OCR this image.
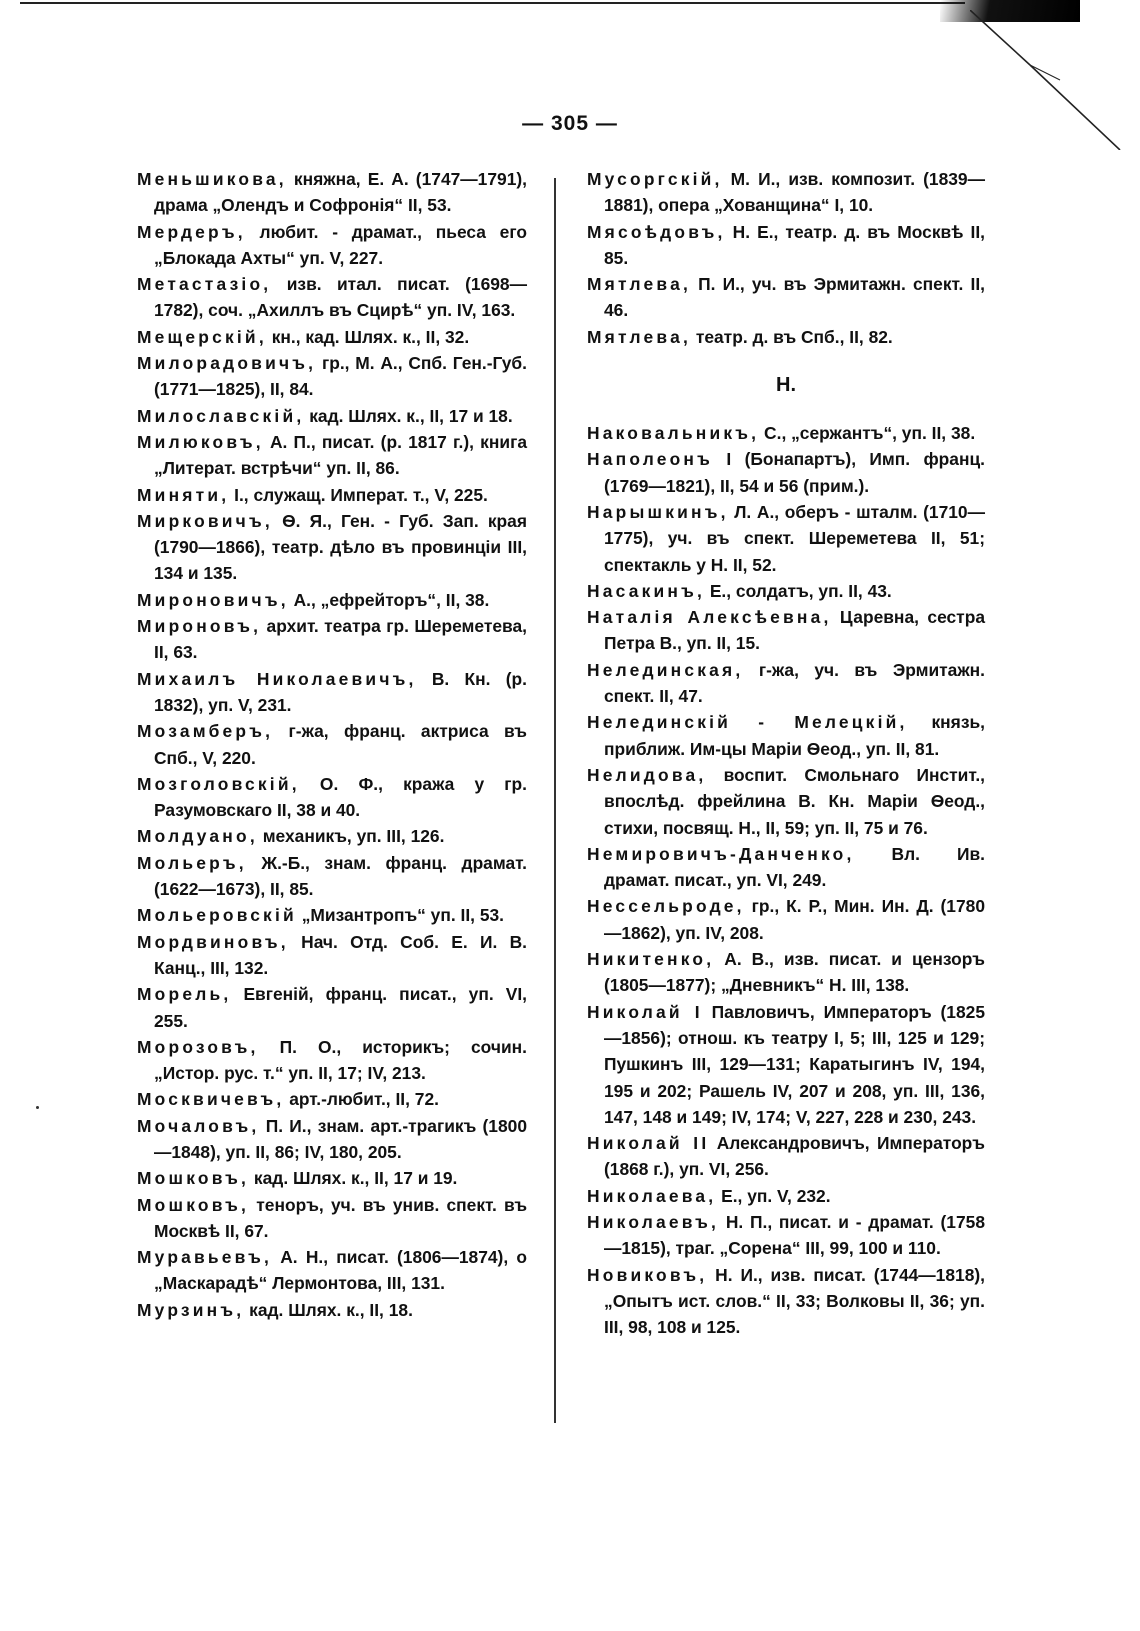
— 305 —
Меньшикова, княжна, Е. А. (1747—1791), драма „Олендъ и Софронія“ II, 53.
Мердеръ, любит. - драмат., пьеса его „Блокада Ахты“ уп. V, 227.
Метастазіо, изв. итал. писат. (1698—1782), соч. „Ахиллъ въ Сцирѣ“ уп. IV, 163.
Мещерскій, кн., кад. Шлях. к., II, 32.
Милорадовичъ, гр., М. А., Спб. Ген.-Губ. (1771—1825), II, 84.
Милославскій, кад. Шлях. к., II, 17 и 18.
Милюковъ, А. П., писат. (р. 1817 г.), книга „Литерат. встрѣчи“ уп. II, 86.
Миняти, I., служащ. Императ. т., V, 225.
Мирковичъ, Ѳ. Я., Ген. - Губ. Зап. края (1790—1866), театр. дѣло въ провинціи III, 134 и 135.
Мироновичъ, А., „ефрейторъ“, II, 38.
Мироновъ, архит. театра гр. Шереметева, II, 63.
Михаилъ Николаевичъ, В. Кн. (р. 1832), уп. V, 231.
Мозамберъ, г-жа, франц. актриса въ Спб., V, 220.
Мозголовскій, О. Ф., кража у гр. Разумовскаго II, 38 и 40.
Молдуано, механикъ, уп. III, 126.
Мольеръ, Ж.-Б., знам. франц. драмат. (1622—1673), II, 85.
Мольеровскій „Мизантропъ“ уп. II, 53.
Мордвиновъ, Нач. Отд. Соб. Е. И. В. Канц., III, 132.
Морель, Евгеній, франц. писат., уп. VI, 255.
Морозовъ, П. О., историкъ; сочин. „Истор. рус. т.“ уп. II, 17; IV, 213.
Москвичевъ, арт.-любит., II, 72.
Мочаловъ, П. И., знам. арт.-трагикъ (1800—1848), уп. II, 86; IV, 180, 205.
Мошковъ, кад. Шлях. к., II, 17 и 19.
Мошковъ, теноръ, уч. въ унив. спект. въ Москвѣ II, 67.
Муравьевъ, А. Н., писат. (1806—1874), о „Маскарадѣ“ Лермонтова, III, 131.
Мурзинъ, кад. Шлях. к., II, 18.
Мусоргскій, М. И., изв. композит. (1839—1881), опера „Хованщина“ I, 10.
Мясоѣдовъ, Н. Е., театр. д. въ Москвѣ II, 85.
Мятлева, П. И., уч. въ Эрмитажн. спект. II, 46.
Мятлева, театр. д. въ Спб., II, 82.
Н.
Наковальникъ, С., „сержантъ“, уп. II, 38.
Наполеонъ I (Бонапартъ), Имп. франц. (1769—1821), II, 54 и 56 (прим.).
Нарышкинъ, Л. А., оберъ - шталм. (1710—1775), уч. въ спект. Шереметева II, 51; спектакль у Н. II, 52.
Насакинъ, Е., солдатъ, уп. II, 43.
Наталія Алексѣевна, Царевна, сестра Петра В., уп. II, 15.
Нелединская, г-жа, уч. въ Эрмитажн. спект. II, 47.
Нелединскій - Мелецкій, князь, приближ. Им-цы Маріи Ѳеод., уп. II, 81.
Нелидова, воспит. Смольнаго Инстит., впослѣд. фрейлина В. Кн. Маріи Ѳеод., стихи, посвящ. Н., II, 59; уп. II, 75 и 76.
Немировичъ-Данченко, Вл. Ив. драмат. писат., уп. VI, 249.
Нессельроде, гр., К. Р., Мин. Ин. Д. (1780—1862), уп. IV, 208.
Никитенко, А. В., изв. писат. и цензоръ (1805—1877); „Дневникъ“ Н. III, 138.
Николай I Павловичъ, Императоръ (1825—1856); отнош. къ театру I, 5; III, 125 и 129; Пушкинъ III, 129—131; Каратыгинъ IV, 194, 195 и 202; Рашель IV, 207 и 208, уп. III, 136, 147, 148 и 149; IV, 174; V, 227, 228 и 230, 243.
Николай II Александровичъ, Императоръ (1868 г.), уп. VI, 256.
Николаева, Е., уп. V, 232.
Николаевъ, Н. П., писат. и - драмат. (1758—1815), траг. „Сорена“ III, 99, 100 и 110.
Новиковъ, Н. И., изв. писат. (1744—1818), „Опытъ ист. слов.“ II, 33; Волковы II, 36; уп. III, 98, 108 и 125.
